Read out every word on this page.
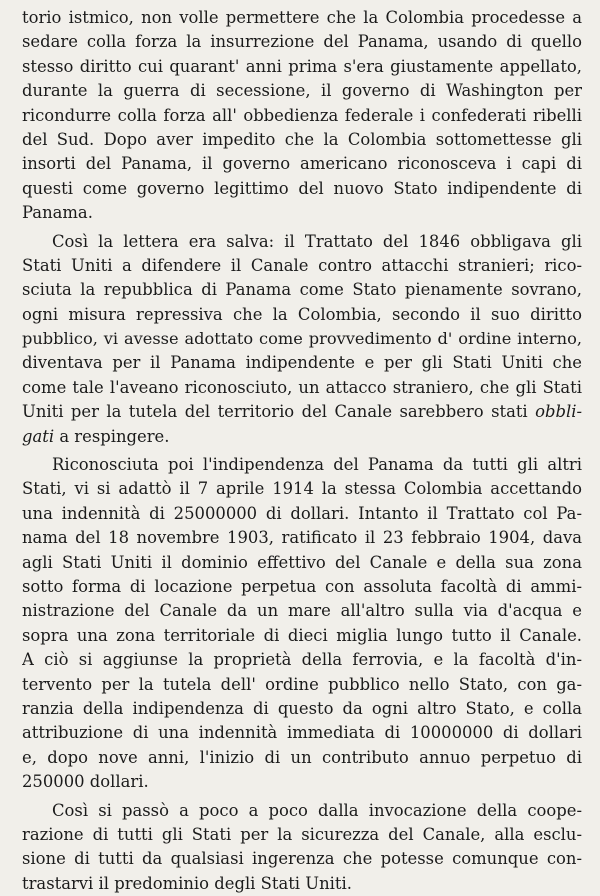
torio istmico, non volle permettere che la Colombia procedesse a
sedare colla forza la insurrezione del Panama, usando di quello
stesso diritto cui quarant' anni prima s'era giustamente appellato,
durante la guerra di secessione, il governo di Washington per
ricondurre colla forza all' obbedienza federale i confederati ribelli
del Sud. Dopo aver impedito che la Colombia sottomettesse gli
insorti del Panama, il governo americano riconosceva i capi di
questi come governo legittimo del nuovo Stato indipendente di
Panama.
Così la lettera era salva: il Trattato del 1846 obbligava gli
Stati Uniti a difendere il Canale contro attacchi stranieri; rico-
sciuta la repubblica di Panama come Stato pienamente sovrano,
ogni misura repressiva che la Colombia, secondo il suo diritto
pubblico, vi avesse adottato come provvedimento d' ordine interno,
diventava per il Panama indipendente e per gli Stati Uniti che
come tale l'aveano riconosciuto, un attacco straniero, che gli Stati
Uniti per la tutela del territorio del Canale sarebbero stati obbli-
gati a respingere.
Riconosciuta poi l'indipendenza del Panama da tutti gli altri
Stati, vi si adattò il 7 aprile 1914 la stessa Colombia accettando
una indennità di 25000000 di dollari. Intanto il Trattato col Pa-
nama del 18 novembre 1903, ratificato il 23 febbraio 1904, dava
agli Stati Uniti il dominio effettivo del Canale e della sua zona
sotto forma di locazione perpetua con assoluta facoltà di ammi-
nistrazione del Canale da un mare all'altro sulla via d'acqua e
sopra una zona territoriale di dieci miglia lungo tutto il Canale.
A ciò si aggiunse la proprietà della ferrovia, e la facoltà d'in-
tervento per la tutela dell' ordine pubblico nello Stato, con ga-
ranzia della indipendenza di questo da ogni altro Stato, e colla
attribuzione di una indennità immediata di 10000000 di dollari
e, dopo nove anni, l'inizio di un contributo annuo perpetuo di
250000 dollari.
Così si passò a poco a poco dalla invocazione della coope-
razione di tutti gli Stati per la sicurezza del Canale, alla esclu-
sione di tutti da qualsiasi ingerenza che potesse comunque con-
trastarvi il predominio degli Stati Uniti.
